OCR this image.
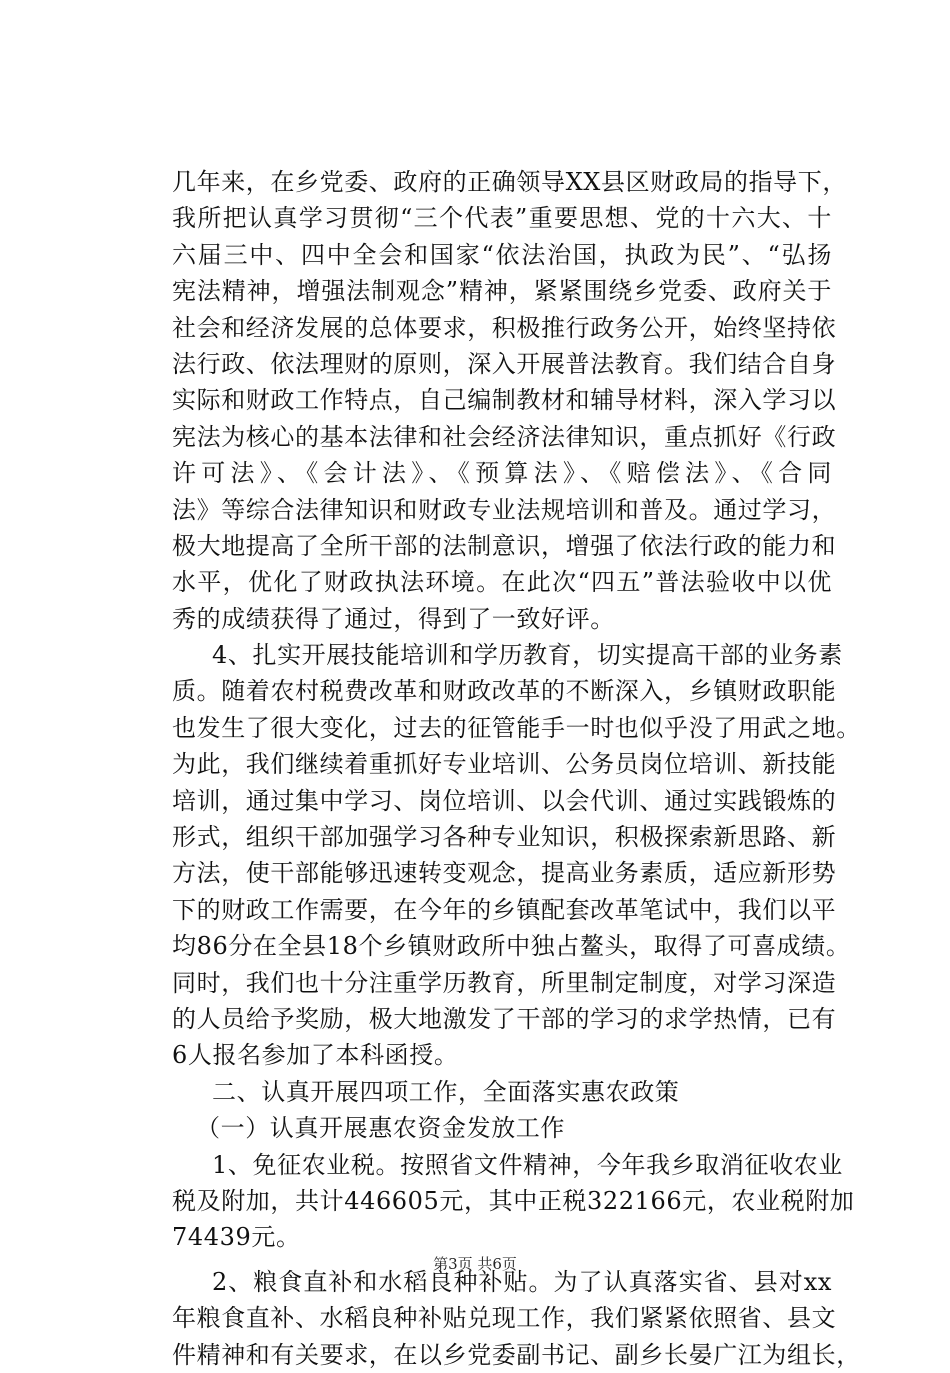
几年来，在乡党委、政府的正确领导XX县区财政局的指导下，
我所把认真学习贯彻“三个代表”重要思想、党的十六大、十
六届三中、四中全会和国家“依法治国，执政为民”、“弘扬
宪法精神，增强法制观念”精神，紧紧围绕乡党委、政府关于
社会和经济发展的总体要求，积极推行政务公开，始终坚持依
法行政、依法理财的原则，深入开展普法教育。我们结合自身
实际和财政工作特点，自己编制教材和辅导材料，深入学习以
宪法为核心的基本法律和社会经济法律知识，重点抓好《行政
许可法》、《会计法》、《预算法》、《赔偿法》、《合同
法》等综合法律知识和财政专业法规培训和普及。通过学习，
极大地提高了全所干部的法制意识，增强了依法行政的能力和
水平，优化了财政执法环境。在此次“四五”普法验收中以优
秀的成绩获得了通过，得到了一致好评。
4、扎实开展技能培训和学历教育，切实提高干部的业务素
质。随着农村税费改革和财政改革的不断深入，乡镇财政职能
也发生了很大变化，过去的征管能手一时也似乎没了用武之地。
为此，我们继续着重抓好专业培训、公务员岗位培训、新技能
培训，通过集中学习、岗位培训、以会代训、通过实践锻炼的
形式，组织干部加强学习各种专业知识，积极探索新思路、新
方法，使干部能够迅速转变观念，提高业务素质，适应新形势
下的财政工作需要，在今年的乡镇配套改革笔试中，我们以平
均86分在全县18个乡镇财政所中独占鳌头，取得了可喜成绩。
同时，我们也十分注重学历教育，所里制定制度，对学习深造
的人员给予奖励，极大地激发了干部的学习的求学热情，已有
6人报名参加了本科函授。
二、认真开展四项工作，全面落实惠农政策
（一）认真开展惠农资金发放工作
1、免征农业税。按照省文件精神，今年我乡取消征收农业
税及附加，共计446605元，其中正税322166元，农业税附加
74439元。
2、粮食直补和水稻良种补贴。为了认真落实省、县对xx
年粮食直补、水稻良种补贴兑现工作，我们紧紧依照省、县文
件精神和有关要求，在以乡党委副书记、副乡长晏广江为组长，
第3页 共6页
